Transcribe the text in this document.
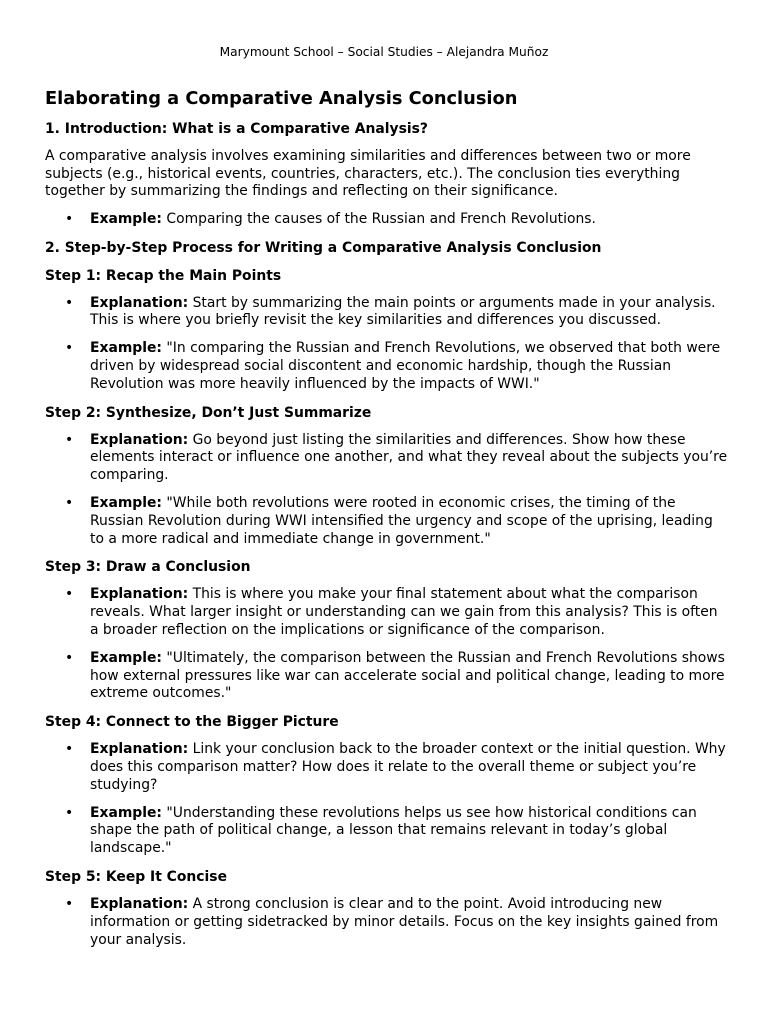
Marymount School – Social Studies – Alejandra Muñoz
Elaborating a Comparative Analysis Conclusion
1. Introduction: What is a Comparative Analysis?
A comparative analysis involves examining similarities and differences between two or more subjects (e.g., historical events, countries, characters, etc.). The conclusion ties everything together by summarizing the findings and reflecting on their significance.
• Example: Comparing the causes of the Russian and French Revolutions.
2. Step-by-Step Process for Writing a Comparative Analysis Conclusion
Step 1: Recap the Main Points
• Explanation: Start by summarizing the main points or arguments made in your analysis. This is where you briefly revisit the key similarities and differences you discussed.
• Example: "In comparing the Russian and French Revolutions, we observed that both were driven by widespread social discontent and economic hardship, though the Russian Revolution was more heavily influenced by the impacts of WWI."
Step 2: Synthesize, Don’t Just Summarize
• Explanation: Go beyond just listing the similarities and differences. Show how these elements interact or influence one another, and what they reveal about the subjects you’re comparing.
• Example: "While both revolutions were rooted in economic crises, the timing of the Russian Revolution during WWI intensified the urgency and scope of the uprising, leading to a more radical and immediate change in government."
Step 3: Draw a Conclusion
• Explanation: This is where you make your final statement about what the comparison reveals. What larger insight or understanding can we gain from this analysis? This is often a broader reflection on the implications or significance of the comparison.
• Example: "Ultimately, the comparison between the Russian and French Revolutions shows how external pressures like war can accelerate social and political change, leading to more extreme outcomes."
Step 4: Connect to the Bigger Picture
• Explanation: Link your conclusion back to the broader context or the initial question. Why does this comparison matter? How does it relate to the overall theme or subject you’re studying?
• Example: "Understanding these revolutions helps us see how historical conditions can shape the path of political change, a lesson that remains relevant in today’s global landscape."
Step 5: Keep It Concise
• Explanation: A strong conclusion is clear and to the point. Avoid introducing new information or getting sidetracked by minor details. Focus on the key insights gained from your analysis.
